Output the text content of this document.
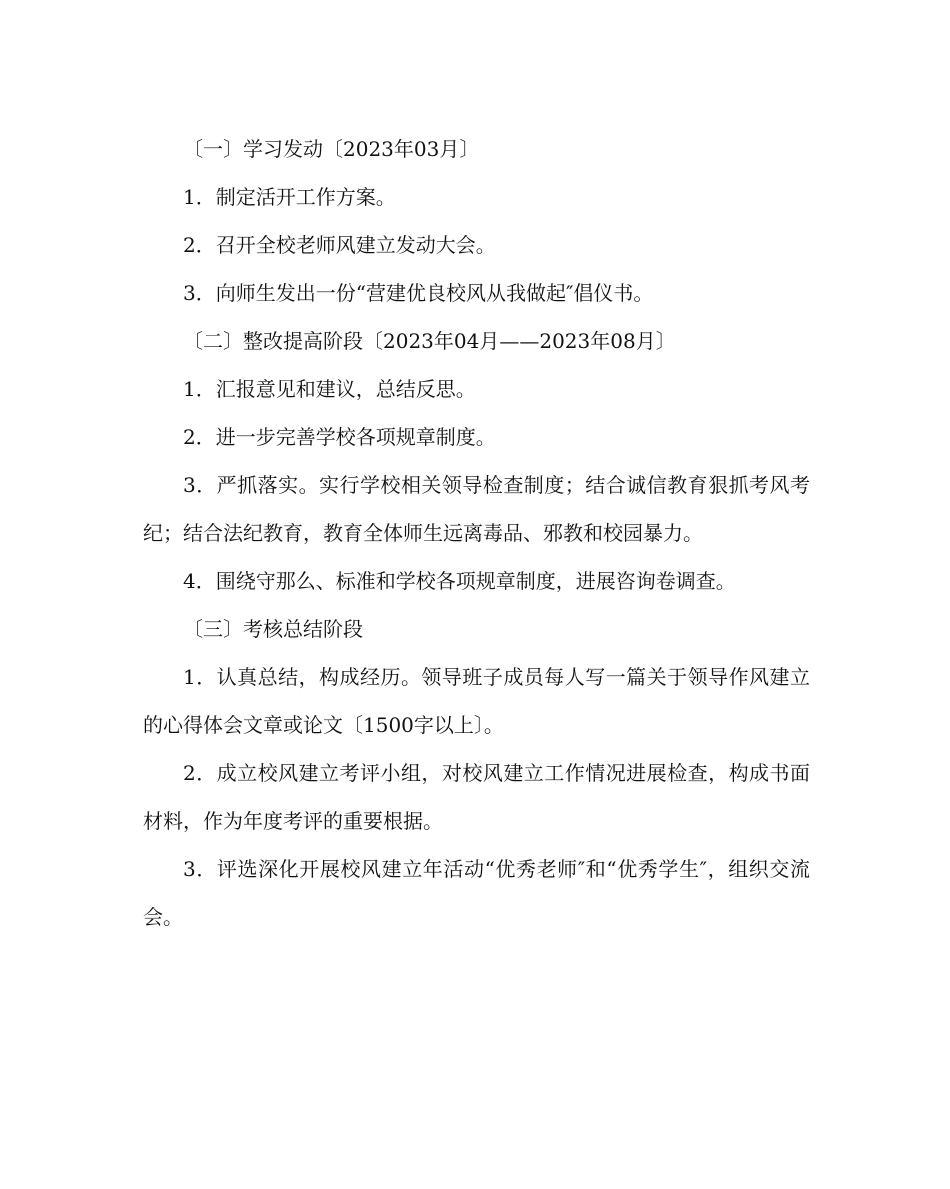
〔一〕学习发动〔2023年03月〕

1．制定活开工作方案。

2．召开全校老师风建立发动大会。

3．向师生发出一份“营建优良校风从我做起″倡仪书。

〔二〕整改提高阶段〔2023年04月——2023年08月〕

1．汇报意见和建议，总结反思。

2．进一步完善学校各项规章制度。

3．严抓落实。实行学校相关领导检查制度；结合诚信教育狠抓考风考纪；结合法纪教育，教育全体师生远离毒品、邪教和校园暴力。

4．围绕守那么、标准和学校各项规章制度，进展咨询卷调查。

〔三〕考核总结阶段

1．认真总结，构成经历。领导班子成员每人写一篇关于领导作风建立的心得体会文章或论文〔1500字以上〕。

2．成立校风建立考评小组，对校风建立工作情况进展检查，构成书面材料，作为年度考评的重要根据。

3．评选深化开展校风建立年活动“优秀老师″和“优秀学生″，组织交流会。
